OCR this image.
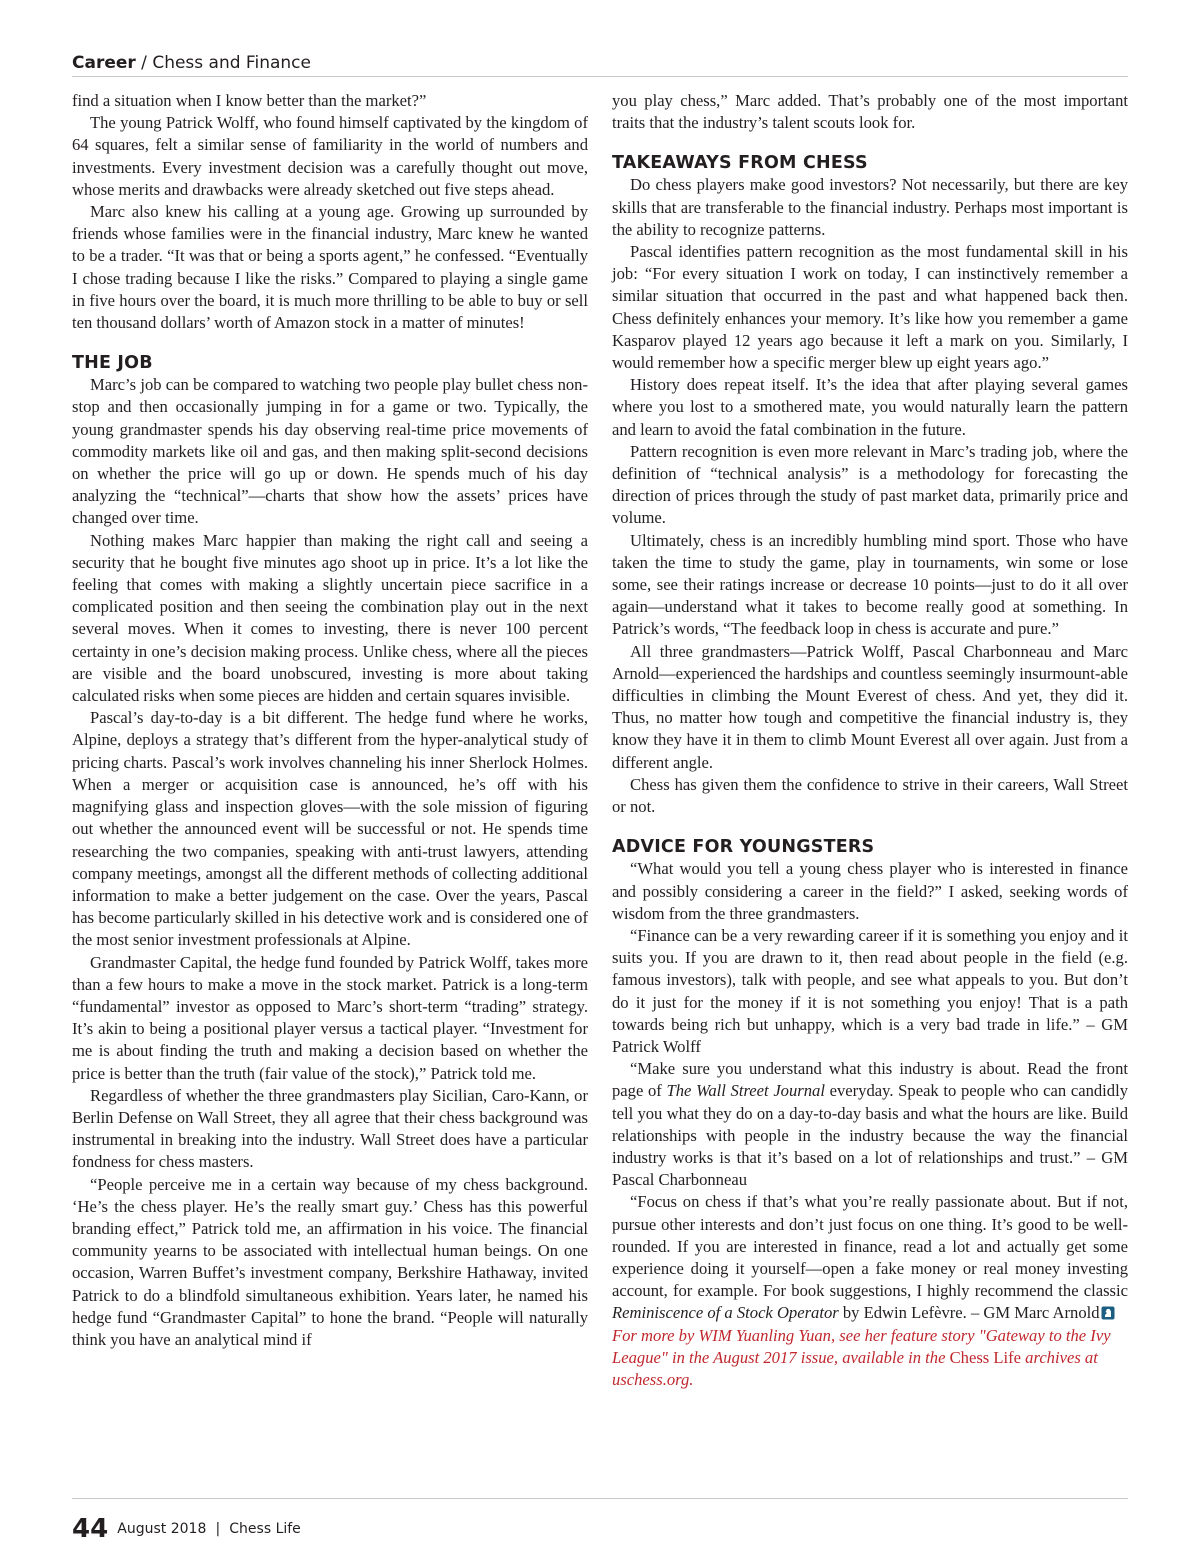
Career / Chess and Finance

find a situation when I know better than the market?”

The young Patrick Wolff, who found himself captivated by the kingdom of 64 squares, felt a similar sense of familiarity in the world of numbers and investments. Every investment decision was a carefully thought out move, whose merits and drawbacks were already sketched out five steps ahead.

Marc also knew his calling at a young age. Growing up surrounded by friends whose families were in the financial industry, Marc knew he wanted to be a trader. “It was that or being a sports agent,” he confessed. “Eventually I chose trading because I like the risks.” Compared to playing a single game in five hours over the board, it is much more thrilling to be able to buy or sell ten thousand dollars’ worth of Amazon stock in a matter of minutes!

THE JOB

Marc’s job can be compared to watching two people play bullet chess non-stop and then occasionally jumping in for a game or two. Typically, the young grandmaster spends his day observing real-time price movements of commodity markets like oil and gas, and then making split-second decisions on whether the price will go up or down. He spends much of his day analyzing the “technical”—charts that show how the assets’ prices have changed over time.

Nothing makes Marc happier than making the right call and seeing a security that he bought five minutes ago shoot up in price. It’s a lot like the feeling that comes with making a slightly uncertain piece sacrifice in a complicated position and then seeing the combination play out in the next several moves. When it comes to investing, there is never 100 percent certainty in one’s decision making process. Unlike chess, where all the pieces are visible and the board unobscured, investing is more about taking calculated risks when some pieces are hidden and certain squares invisible.

Pascal’s day-to-day is a bit different. The hedge fund where he works, Alpine, deploys a strategy that’s different from the hyper-analytical study of pricing charts. Pascal’s work involves channeling his inner Sherlock Holmes. When a merger or acquisition case is announced, he’s off with his magnifying glass and inspection gloves—with the sole mission of figuring out whether the announced event will be successful or not. He spends time researching the two companies, speaking with anti-trust lawyers, attending company meetings, amongst all the different methods of collecting additional information to make a better judgement on the case. Over the years, Pascal has become particularly skilled in his detective work and is considered one of the most senior investment professionals at Alpine.

Grandmaster Capital, the hedge fund founded by Patrick Wolff, takes more than a few hours to make a move in the stock market. Patrick is a long-term “fundamental” investor as opposed to Marc’s short-term “trading” strategy. It’s akin to being a positional player versus a tactical player. “Investment for me is about finding the truth and making a decision based on whether the price is better than the truth (fair value of the stock),” Patrick told me.

Regardless of whether the three grandmasters play Sicilian, Caro-Kann, or Berlin Defense on Wall Street, they all agree that their chess background was instrumental in breaking into the industry. Wall Street does have a particular fondness for chess masters.

“People perceive me in a certain way because of my chess background. ‘He’s the chess player. He’s the really smart guy.’ Chess has this powerful branding effect,” Patrick told me, an affirmation in his voice. The financial community yearns to be associated with intellectual human beings. On one occasion, Warren Buffet’s investment company, Berkshire Hathaway, invited Patrick to do a blindfold simultaneous exhibition. Years later, he named his hedge fund “Grandmaster Capital” to hone the brand. “People will naturally think you have an analytical mind if

you play chess,” Marc added. That’s probably one of the most important traits that the industry’s talent scouts look for.

TAKEAWAYS FROM CHESS

Do chess players make good investors? Not necessarily, but there are key skills that are transferable to the financial industry. Perhaps most important is the ability to recognize patterns.

Pascal identifies pattern recognition as the most fundamental skill in his job: “For every situation I work on today, I can instinctively remember a similar situation that occurred in the past and what happened back then. Chess definitely enhances your memory. It’s like how you remember a game Kasparov played 12 years ago because it left a mark on you. Similarly, I would remember how a specific merger blew up eight years ago.”

History does repeat itself. It’s the idea that after playing several games where you lost to a smothered mate, you would naturally learn the pattern and learn to avoid the fatal combination in the future.

Pattern recognition is even more relevant in Marc’s trading job, where the definition of “technical analysis” is a methodology for forecasting the direction of prices through the study of past market data, primarily price and volume.

Ultimately, chess is an incredibly humbling mind sport. Those who have taken the time to study the game, play in tournaments, win some or lose some, see their ratings increase or decrease 10 points—just to do it all over again—understand what it takes to become really good at something. In Patrick’s words, “The feedback loop in chess is accurate and pure.”

All three grandmasters—Patrick Wolff, Pascal Charbonneau and Marc Arnold—experienced the hardships and countless seemingly insurmount-able difficulties in climbing the Mount Everest of chess. And yet, they did it. Thus, no matter how tough and competitive the financial industry is, they know they have it in them to climb Mount Everest all over again. Just from a different angle.

Chess has given them the confidence to strive in their careers, Wall Street or not.

ADVICE FOR YOUNGSTERS

“What would you tell a young chess player who is interested in finance and possibly considering a career in the field?” I asked, seeking words of wisdom from the three grandmasters.

“Finance can be a very rewarding career if it is something you enjoy and it suits you. If you are drawn to it, then read about people in the field (e.g. famous investors), talk with people, and see what appeals to you. But don’t do it just for the money if it is not something you enjoy! That is a path towards being rich but unhappy, which is a very bad trade in life.” – GM Patrick Wolff

“Make sure you understand what this industry is about. Read the front page of The Wall Street Journal everyday. Speak to people who can candidly tell you what they do on a day-to-day basis and what the hours are like. Build relationships with people in the industry because the way the financial industry works is that it’s based on a lot of relationships and trust.” – GM Pascal Charbonneau

“Focus on chess if that’s what you’re really passionate about. But if not, pursue other interests and don’t just focus on one thing. It’s good to be well-rounded. If you are interested in finance, read a lot and actually get some experience doing it yourself—open a fake money or real money investing account, for example. For book suggestions, I highly recommend the classic Reminiscence of a Stock Operator by Edwin Lefèvre. – GM Marc Arnold

For more by WIM Yuanling Yuan, see her feature story "Gateway to the Ivy League" in the August 2017 issue, available in the Chess Life archives at uschess.org.

44 August 2018 | Chess Life
